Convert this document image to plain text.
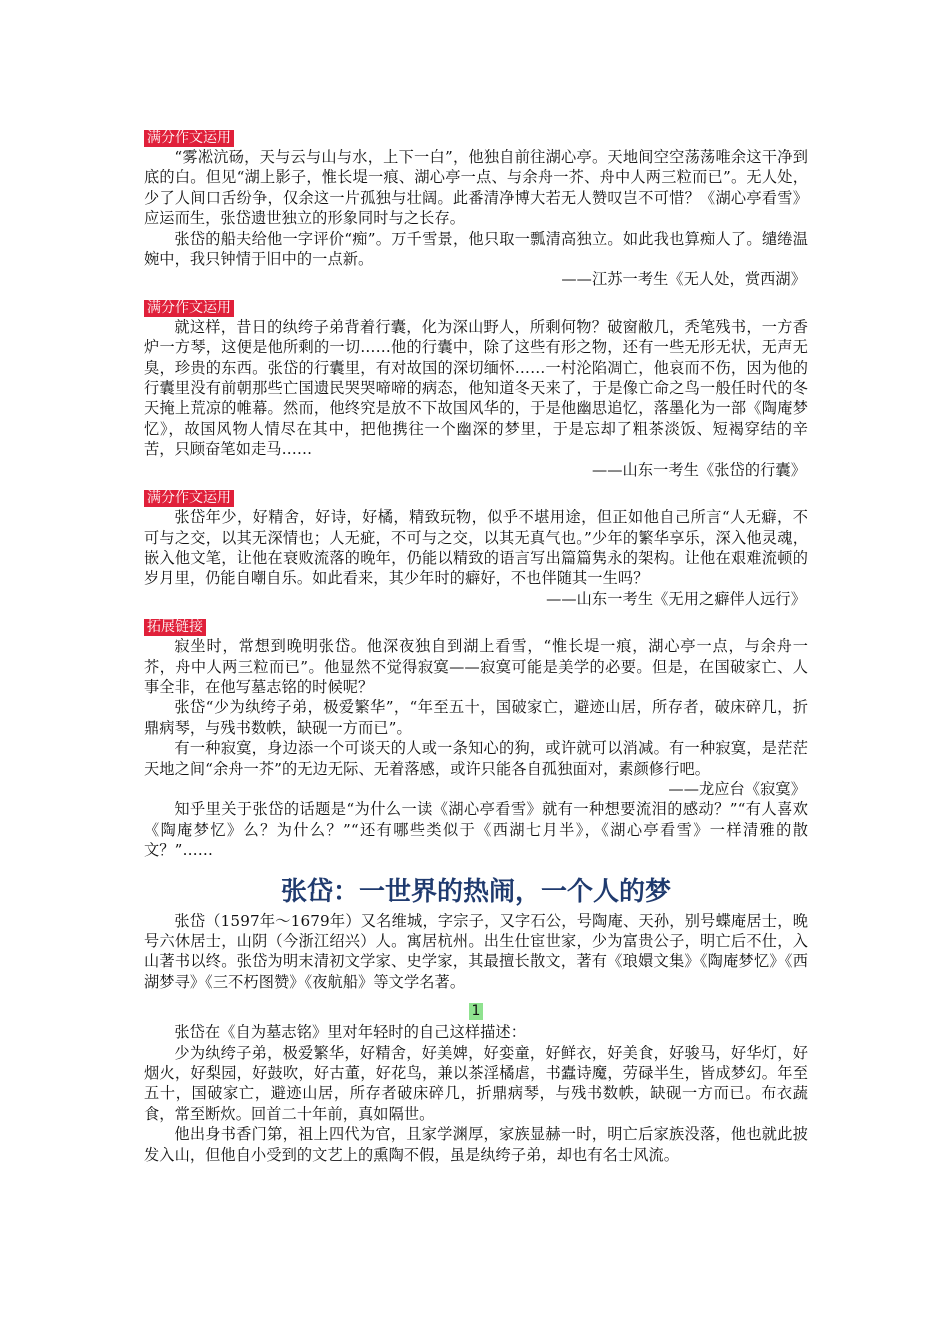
满分作文运用

“雾凇沆砀，天与云与山与水，上下一白”，他独自前往湖心亭。天地间空空荡荡唯余这干净到底的白。但见“湖上影子，惟长堤一痕、湖心亭一点、与余舟一芥、舟中人两三粒而已”。无人处，少了人间口舌纷争，仅余这一片孤独与壮阔。此番清净博大若无人赞叹岂不可惜？《湖心亭看雪》应运而生，张岱遗世独立的形象同时与之长存。

张岱的船夫给他一字评价“痴”。万千雪景，他只取一瓢清高独立。如此我也算痴人了。缱绻温婉中，我只钟情于旧中的一点新。

——江苏一考生《无人处，赏西湖》

满分作文运用

就这样，昔日的纨绔子弟背着行囊，化为深山野人，所剩何物？破窗敝几，秃笔残书，一方香炉一方琴，这便是他所剩的一切……他的行囊中，除了这些有形之物，还有一些无形无状，无声无臭，珍贵的东西。张岱的行囊里，有对故国的深切缅怀……一村沦陷凋亡，他哀而不伤，因为他的行囊里没有前朝那些亡国遗民哭哭啼啼的病态，他知道冬天来了，于是像亡命之鸟一般任时代的冬天掩上荒凉的帷幕。然而，他终究是放不下故国风华的，于是他幽思追忆，落墨化为一部《陶庵梦忆》，故国风物人情尽在其中，把他携往一个幽深的梦里，于是忘却了粗茶淡饭、短褐穿结的辛苦，只顾奋笔如走马……

——山东一考生《张岱的行囊》

满分作文运用

张岱年少，好精舍，好诗，好橘，精致玩物，似乎不堪用途，但正如他自己所言“人无癖，不可与之交，以其无深情也；人无疵，不可与之交，以其无真气也。”少年的繁华享乐，深入他灵魂，嵌入他文笔，让他在衰败流落的晚年，仍能以精致的语言写出篇篇隽永的架构。让他在艰难流顿的岁月里，仍能自嘲自乐。如此看来，其少年时的癖好，不也伴随其一生吗？

——山东一考生《无用之癖伴人远行》

拓展链接

寂坐时，常想到晚明张岱。他深夜独自到湖上看雪，“惟长堤一痕，湖心亭一点，与余舟一芥，舟中人两三粒而已”。他显然不觉得寂寞——寂寞可能是美学的必要。但是，在国破家亡、人事全非，在他写墓志铭的时候呢？

张岱“少为纨绔子弟，极爱繁华”，“年至五十，国破家亡，避迹山居，所存者，破床碎几，折鼎病琴，与残书数帙，缺砚一方而已”。

有一种寂寞，身边添一个可谈天的人或一条知心的狗，或许就可以消减。有一种寂寞，是茫茫天地之间“余舟一芥”的无边无际、无着落感，或许只能各自孤独面对，素颜修行吧。

——龙应台《寂寞》

知乎里关于张岱的话题是“为什么一读《湖心亭看雪》就有一种想要流泪的感动？”“有人喜欢《陶庵梦忆》么？为什么？”“还有哪些类似于《西湖七月半》，《湖心亭看雪》一样清雅的散文？”……

张岱：一世界的热闹，一个人的梦

张岱（1597年～1679年）又名维城，字宗子，又字石公，号陶庵、天孙，别号蝶庵居士，晚号六休居士，山阴（今浙江绍兴）人。寓居杭州。出生仕宦世家，少为富贵公子，明亡后不仕，入山著书以终。张岱为明末清初文学家、史学家，其最擅长散文，著有《琅嬛文集》《陶庵梦忆》《西湖梦寻》《三不朽图赞》《夜航船》等文学名著。

1

张岱在《自为墓志铭》里对年轻时的自己这样描述：

少为纨绔子弟，极爱繁华，好精舍，好美婢，好娈童，好鲜衣，好美食，好骏马，好华灯，好烟火，好梨园，好鼓吹，好古董，好花鸟，兼以茶淫橘虐，书蠹诗魔，劳碌半生，皆成梦幻。年至五十，国破家亡，避迹山居，所存者破床碎几，折鼎病琴，与残书数帙，缺砚一方而已。布衣蔬食，常至断炊。回首二十年前，真如隔世。

他出身书香门第，祖上四代为官，且家学渊厚，家族显赫一时，明亡后家族没落，他也就此披发入山，但他自小受到的文艺上的熏陶不假，虽是纨绔子弟，却也有名士风流。
